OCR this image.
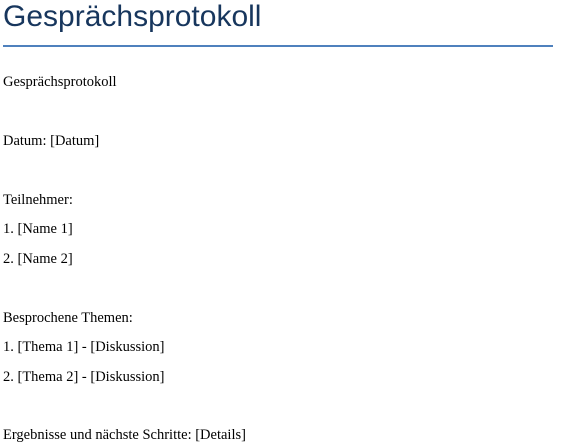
Gesprächsprotokoll

Gesprächsprotokoll

Datum: [Datum]

Teilnehmer:

1. [Name 1]

2. [Name 2]

Besprochene Themen:

1. [Thema 1] - [Diskussion]

2. [Thema 2] - [Diskussion]

Ergebnisse und nächste Schritte: [Details]
